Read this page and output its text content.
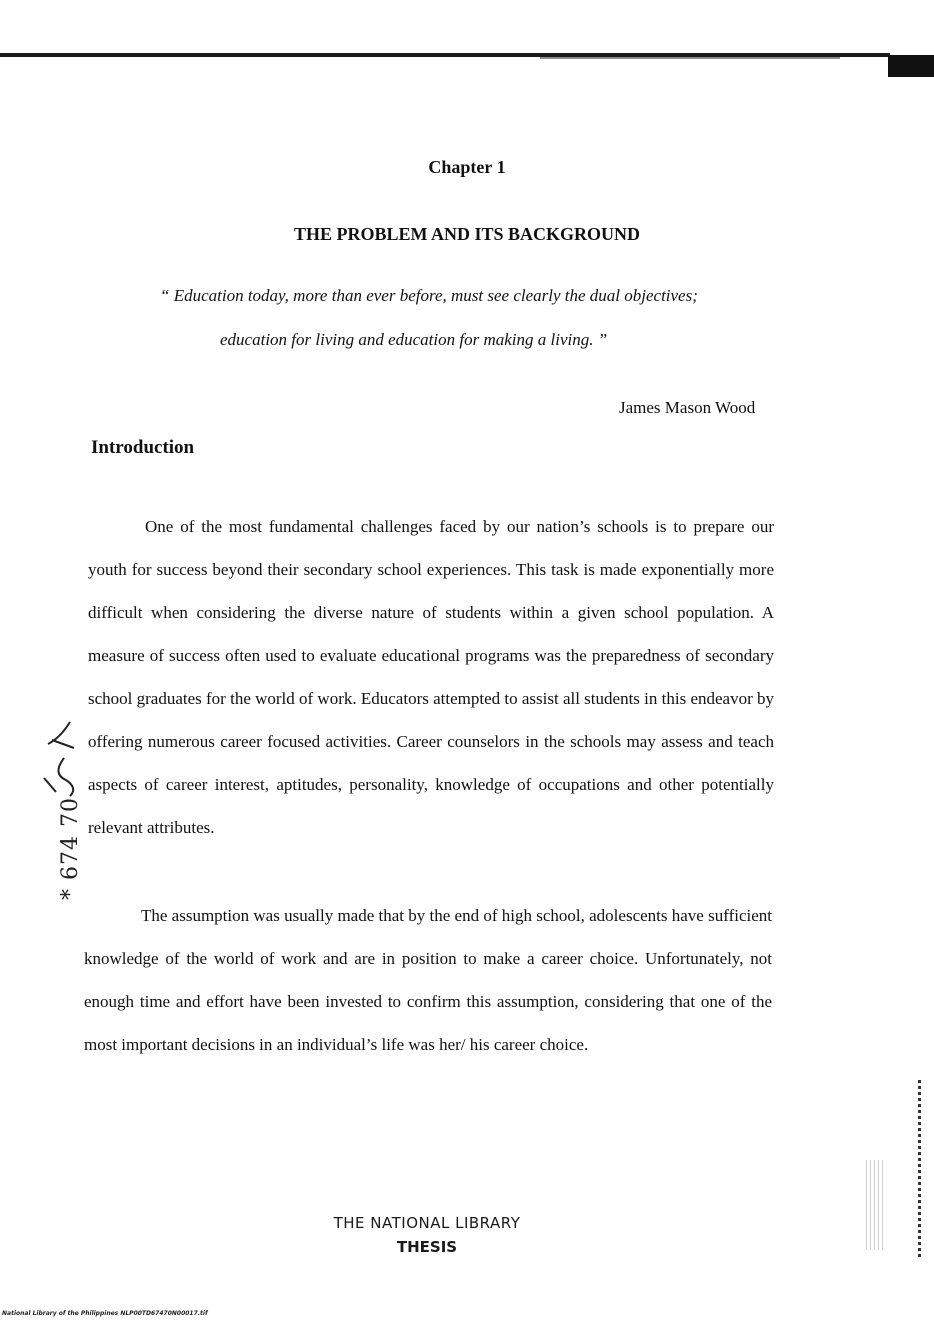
Chapter 1
THE PROBLEM AND ITS BACKGROUND
“ Education today, more than ever before, must see clearly the dual objectives;
education for living and education for making a living. ”
James Mason Wood
Introduction
One of the most fundamental challenges faced by our nation’s schools is to prepare our youth for success beyond their secondary school experiences. This task is made exponentially more difficult when considering the diverse nature of students within a given school population. A measure of success often used to evaluate educational programs was the preparedness of secondary school graduates for the world of work. Educators attempted to assist all students in this endeavor by offering numerous career focused activities. Career counselors in the schools may assess and teach aspects of career interest, aptitudes, personality, knowledge of occupations and other potentially relevant attributes.
The assumption was usually made that by the end of high school, adolescents have sufficient knowledge of the world of work and are in position to make a career choice. Unfortunately, not enough time and effort have been invested to confirm this assumption, considering that one of the most important decisions in an individual’s life was her/ his career choice.
* 674 70
THE NATIONAL LIBRARY
THESIS
National Library of the Philippines NLP00TD67470N00017.tif
